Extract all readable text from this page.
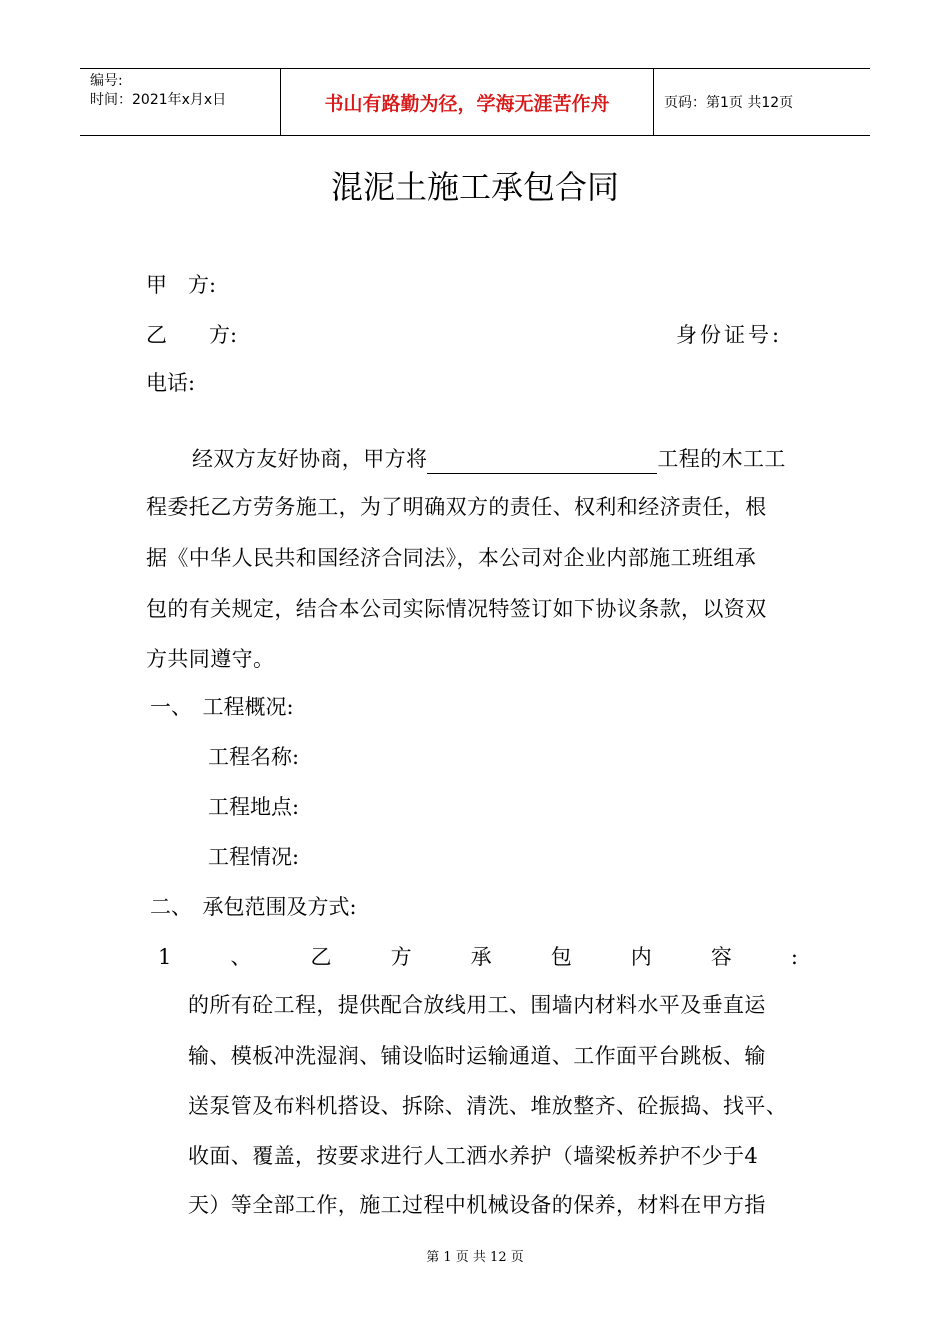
编号:
时间：2021年x月x日	书山有路勤为径，学海无涯苦作舟	页码：第1页 共12页
混泥土施工承包合同
甲　方:
乙　　方:	身份证号:
电话:
经双方友好协商，甲方将	工程的木工工
程委托乙方劳务施工，为了明确双方的责任、权利和经济责任，根
据《中华人民共和国经济合同法》，本公司对企业内部施工班组承
包的有关规定，结合本公司实际情况特签订如下协议条款，以资双
方共同遵守。
一、　工程概况:
工程名称:
工程地点:
工程情况:
二、　承包范围及方式:
1	、	乙	方	承	包	内	容	:
的所有砼工程，提供配合放线用工、围墙内材料水平及垂直运
输、模板冲洗湿润、铺设临时运输通道、工作面平台跳板、输
送泵管及布料机搭设、拆除、清洗、堆放整齐、砼振捣、找平、
收面、覆盖，按要求进行人工洒水养护（墙梁板养护不少于4
天）等全部工作，施工过程中机械设备的保养，材料在甲方指
第 1 页 共 12 页
